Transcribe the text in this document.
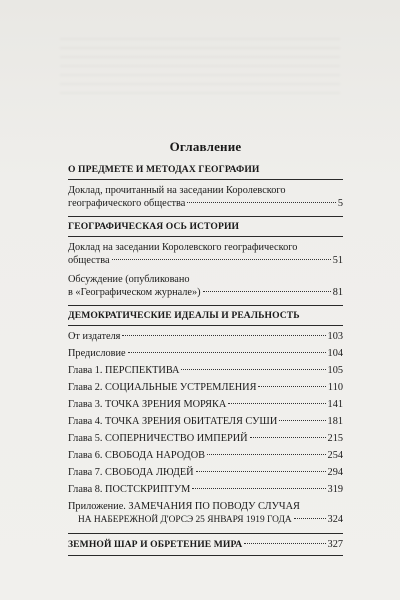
Оглавление
О ПРЕДМЕТЕ И МЕТОДАХ ГЕОГРАФИИ
Доклад, прочитанный на заседании Королевского
географического общества	5
ГЕОГРАФИЧЕСКАЯ ОСЬ ИСТОРИИ
Доклад на заседании Королевского географического
общества	51
Обсуждение (опубликовано
в «Географическом журнале»)	81
ДЕМОКРАТИЧЕСКИЕ ИДЕАЛЫ И РЕАЛЬНОСТЬ
От издателя	103
Предисловие	104
Глава 1. ПЕРСПЕКТИВА	105
Глава 2. СОЦИАЛЬНЫЕ УСТРЕМЛЕНИЯ	110
Глава 3. ТОЧКА ЗРЕНИЯ МОРЯКА	141
Глава 4. ТОЧКА ЗРЕНИЯ ОБИТАТЕЛЯ СУШИ	181
Глава 5. СОПЕРНИЧЕСТВО ИМПЕРИЙ	215
Глава 6. СВОБОДА НАРОДОВ	254
Глава 7. СВОБОДА ЛЮДЕЙ	294
Глава 8. ПОСТСКРИПТУМ	319
Приложение. ЗАМЕЧАНИЯ ПО ПОВОДУ СЛУЧАЯ
НА НАБЕРЕЖНОЙ Д'ОРСЭ 25 ЯНВАРЯ 1919 ГОДА	324
ЗЕМНОЙ ШАР И ОБРЕТЕНИЕ МИРА	327
